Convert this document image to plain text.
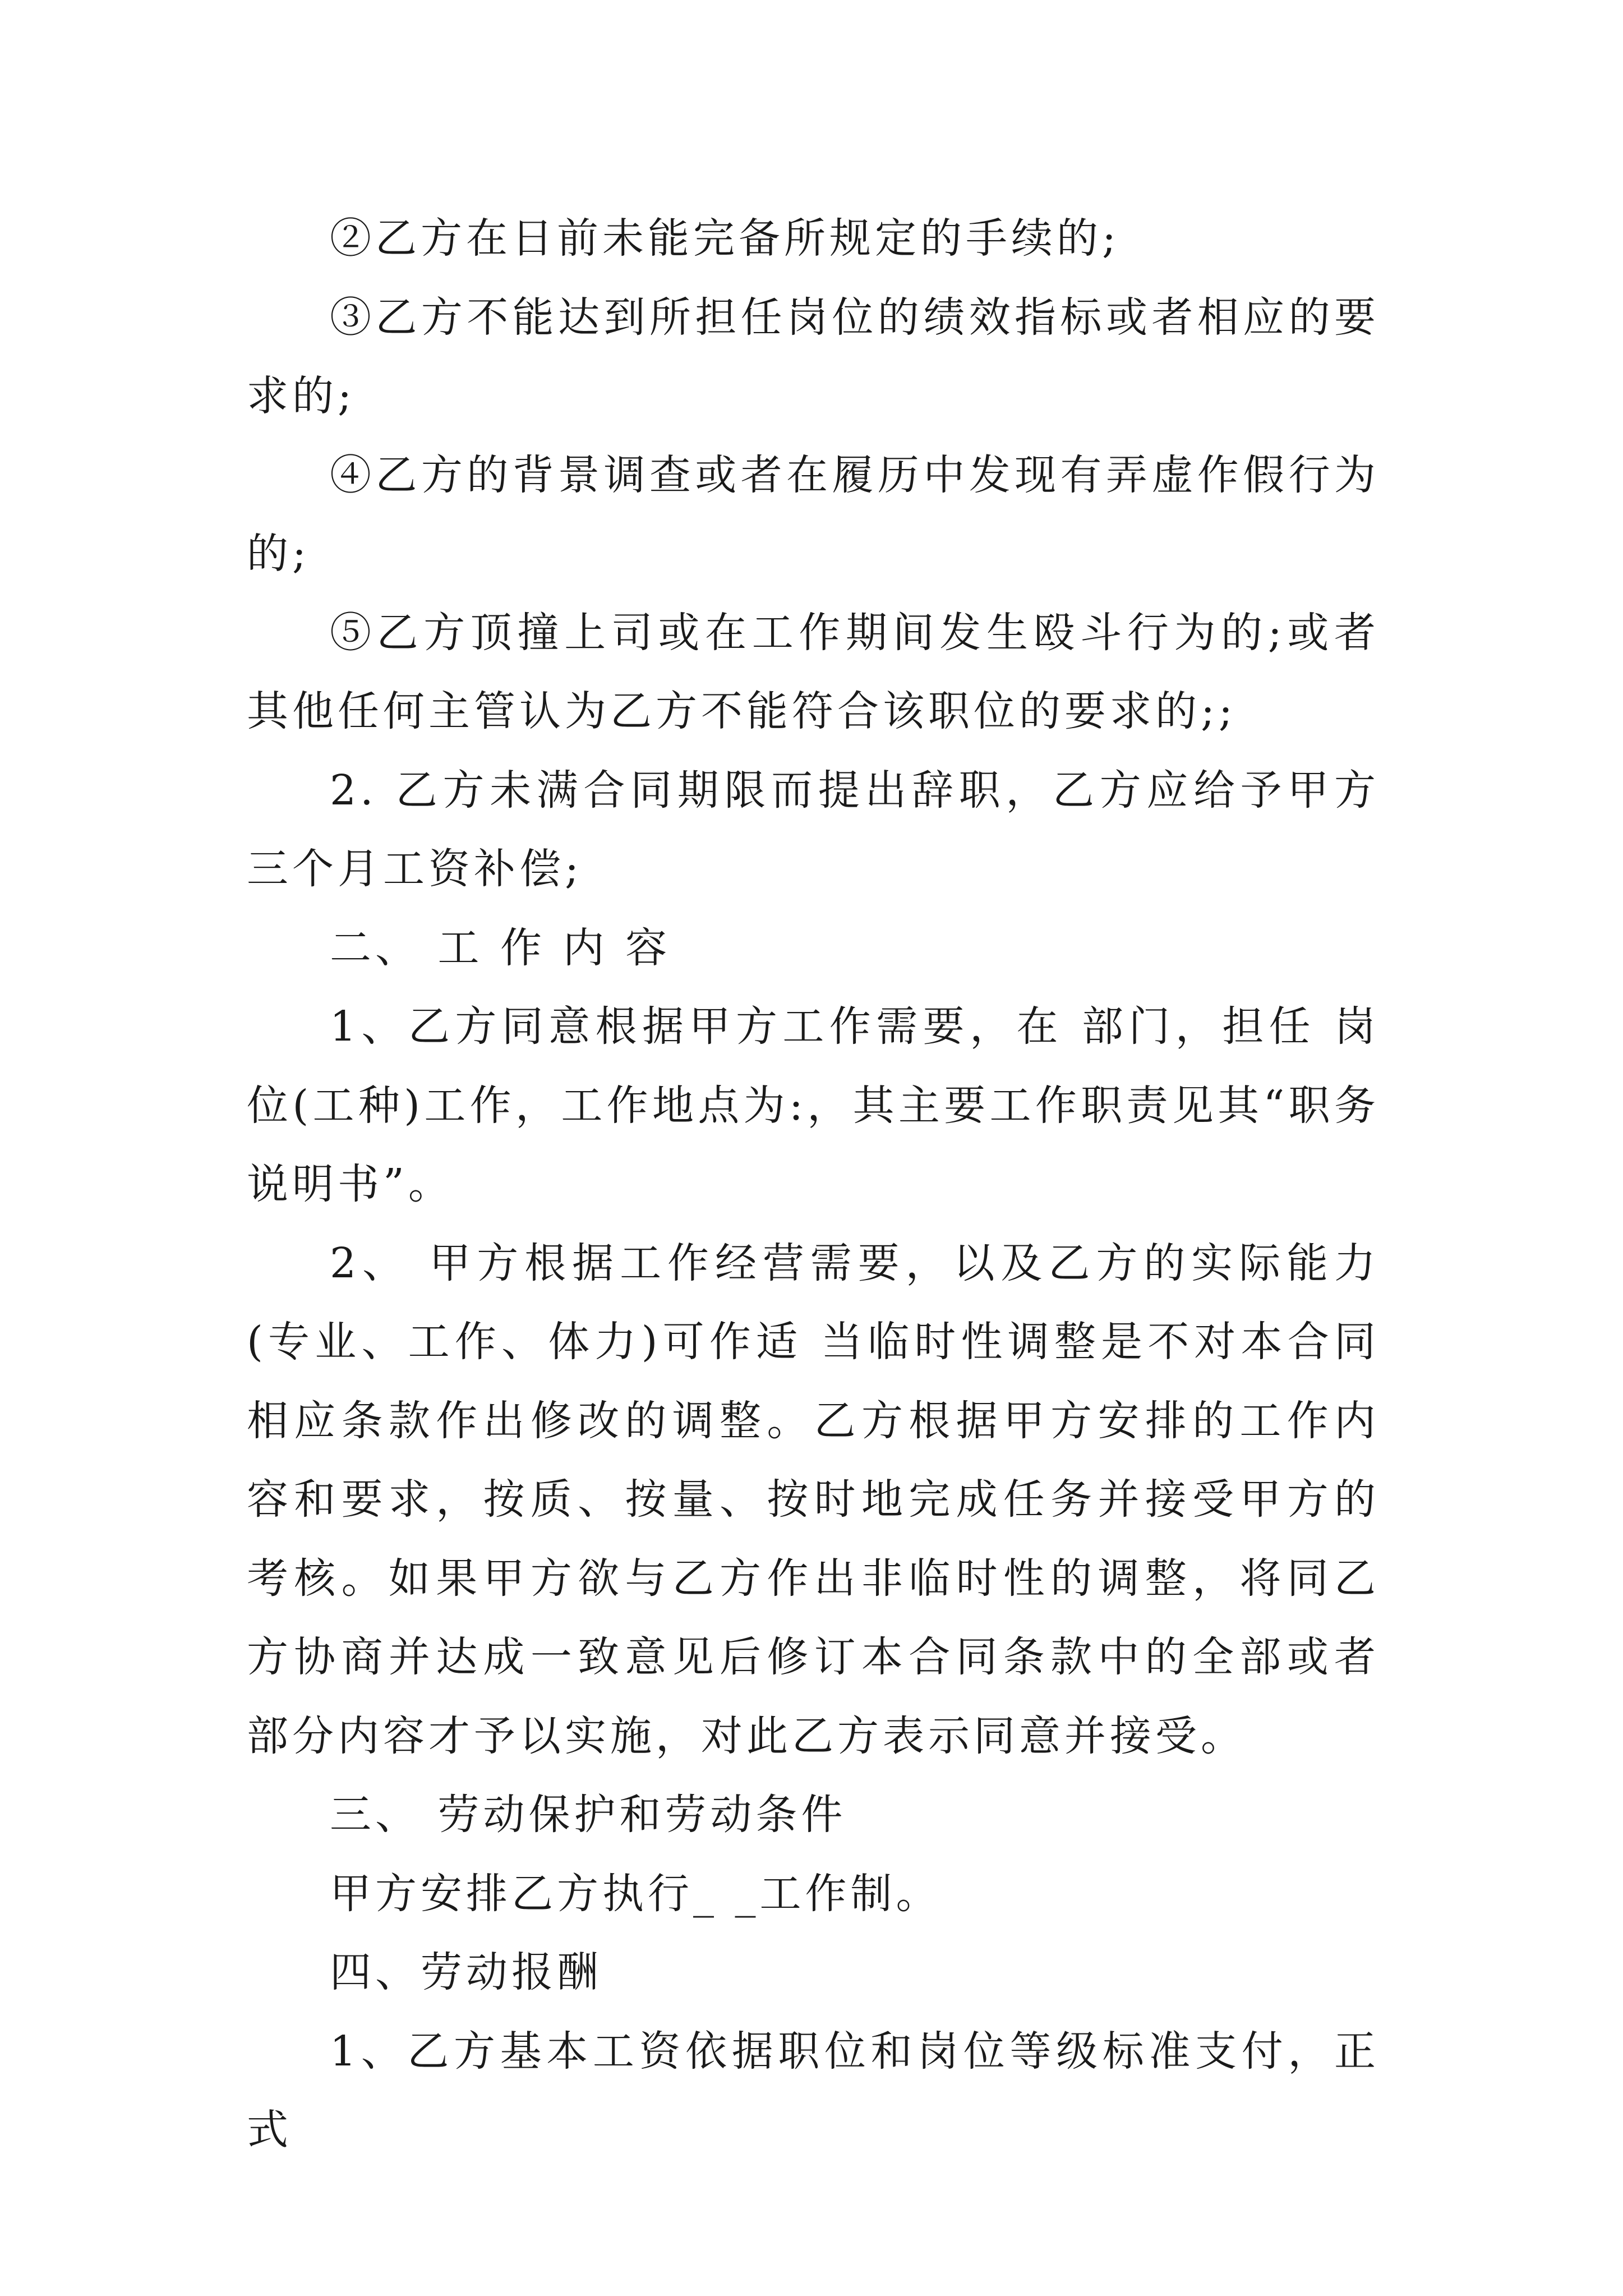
②乙方在日前未能完备所规定的手续的;

③乙方不能达到所担任岗位的绩效指标或者相应的要求的;

④乙方的背景调查或者在履历中发现有弄虚作假行为的;

⑤乙方顶撞上司或在工作期间发生殴斗行为的;或者其他任何主管认为乙方不能符合该职位的要求的;;

2. 乙方未满合同期限而提出辞职，乙方应给予甲方三个月工资补偿;

二、 工 作 内 容

1、乙方同意根据甲方工作需要，在 部门，担任 岗位(工种)工作，工作地点为:，其主要工作职责见其“职务说明书”。

2、 甲方根据工作经营需要，以及乙方的实际能力(专业、工作、体力)可作适 当临时性调整是不对本合同相应条款作出修改的调整。乙方根据甲方安排的工作内容和要求，按质、按量、按时地完成任务并接受甲方的考核。如果甲方欲与乙方作出非临时性的调整，将同乙方协商并达成一致意见后修订本合同条款中的全部或者部分内容才予以实施，对此乙方表示同意并接受。

三、 劳动保护和劳动条件

甲方安排乙方执行_ _工作制。

四、劳动报酬

1、乙方基本工资依据职位和岗位等级标准支付，正式
